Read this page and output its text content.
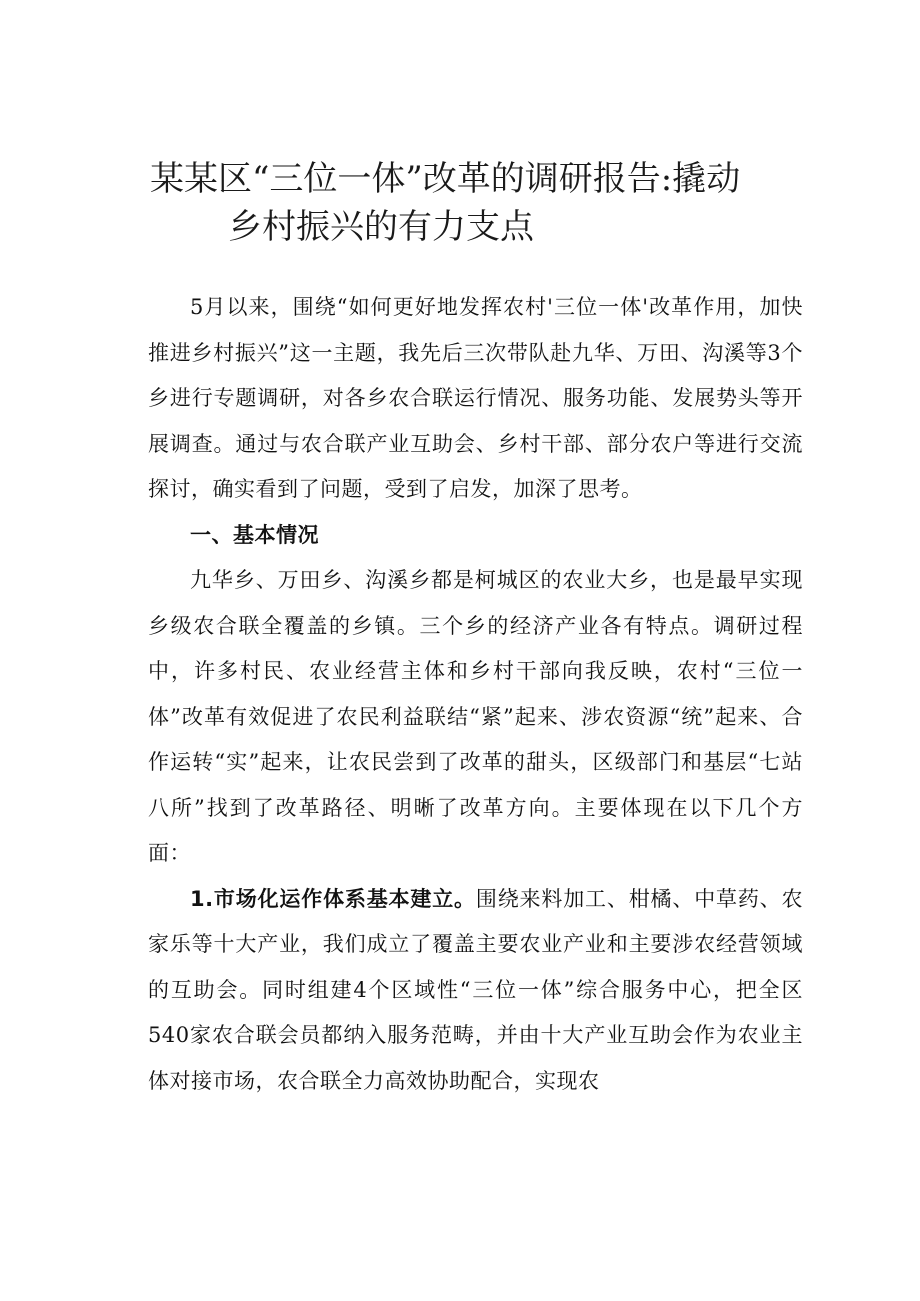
某某区“三位一体”改革的调研报告:撬动
乡村振兴的有力支点

5月以来，围绕“如何更好地发挥农村'三位一体'改革作用，加快推进乡村振兴”这一主题，我先后三次带队赴九华、万田、沟溪等3个乡进行专题调研，对各乡农合联运行情况、服务功能、发展势头等开展调查。通过与农合联产业互助会、乡村干部、部分农户等进行交流探讨，确实看到了问题，受到了启发，加深了思考。

一、基本情况

九华乡、万田乡、沟溪乡都是柯城区的农业大乡，也是最早实现乡级农合联全覆盖的乡镇。三个乡的经济产业各有特点。调研过程中，许多村民、农业经营主体和乡村干部向我反映，农村“三位一体”改革有效促进了农民利益联结“紧”起来、涉农资源“统”起来、合作运转“实”起来，让农民尝到了改革的甜头，区级部门和基层“七站八所”找到了改革路径、明晰了改革方向。主要体现在以下几个方面：

1.市场化运作体系基本建立。围绕来料加工、柑橘、中草药、农家乐等十大产业，我们成立了覆盖主要农业产业和主要涉农经营领域的互助会。同时组建4个区域性“三位一体”综合服务中心，把全区540家农合联会员都纳入服务范畴，并由十大产业互助会作为农业主体对接市场，农合联全力高效协助配合，实现农
